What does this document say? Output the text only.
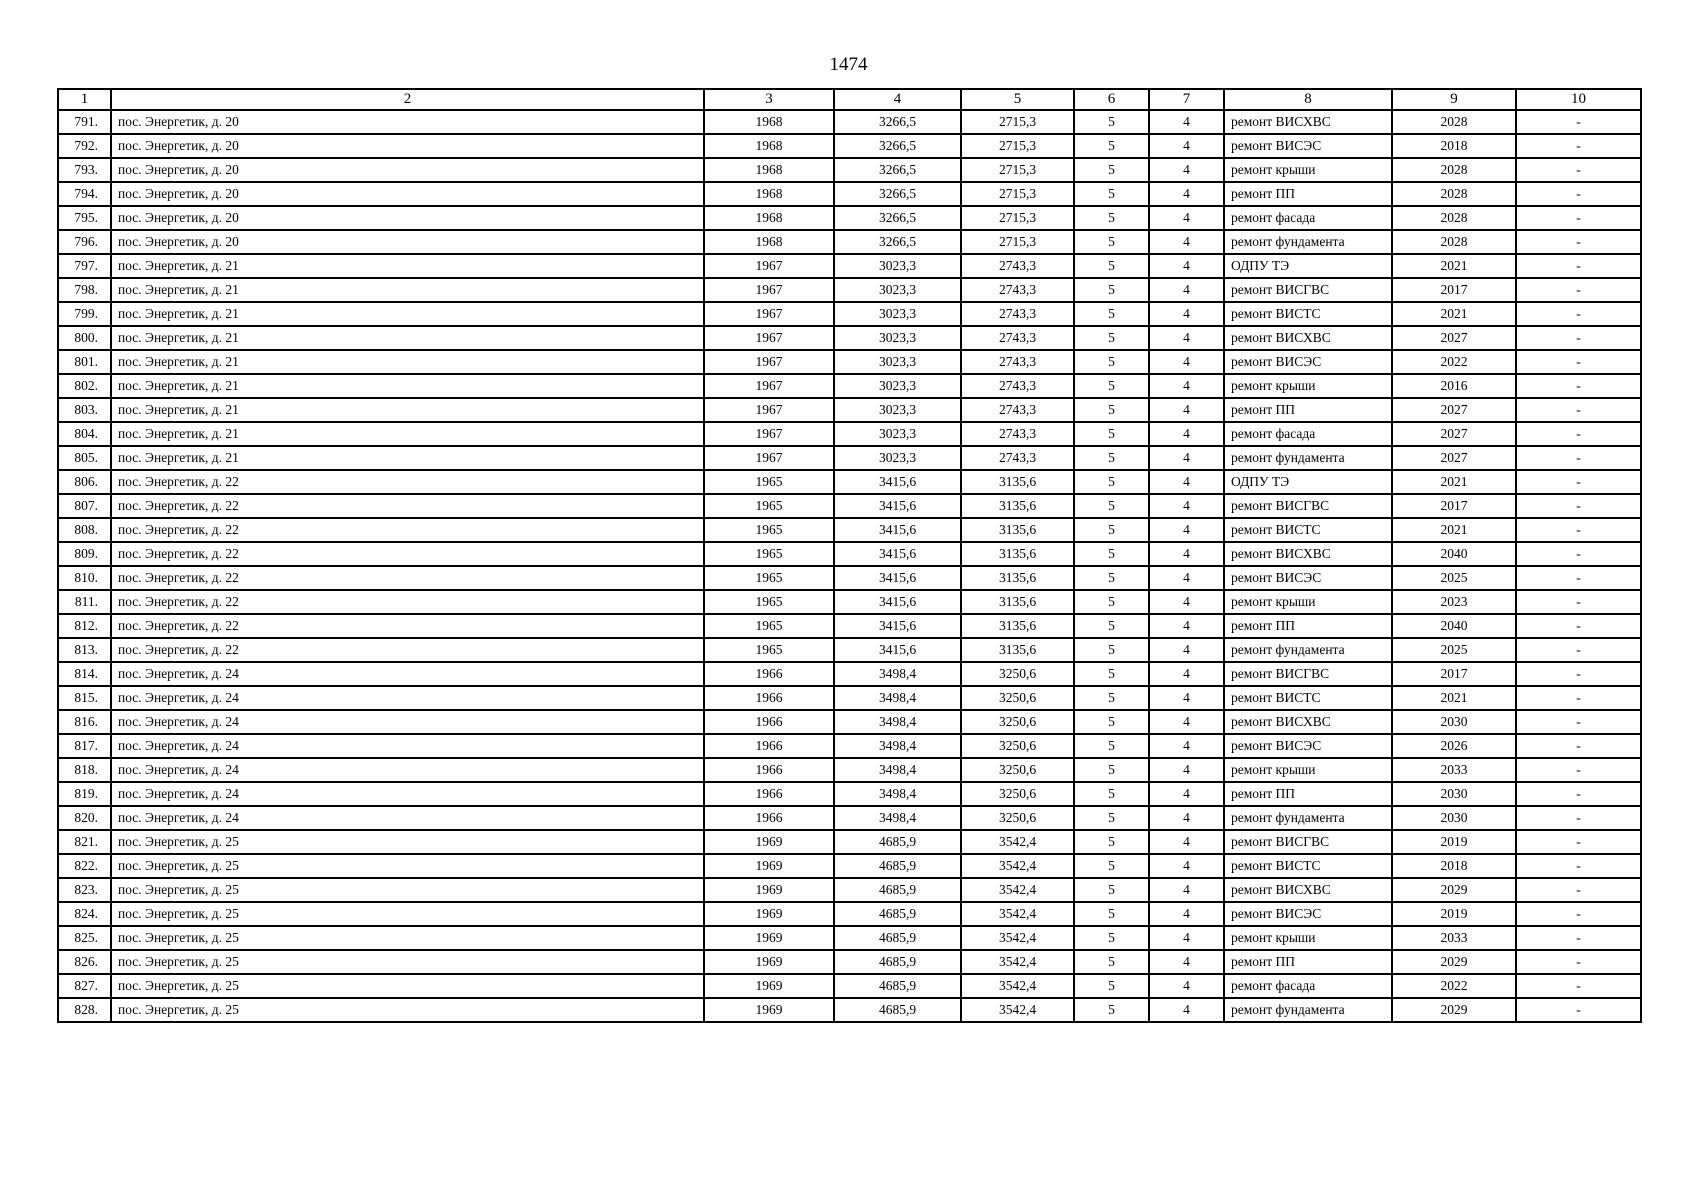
1474
1	2	3	4	5	6	7	8	9	10
791.	пос. Энергетик, д. 20	1968	3266,5	2715,3	5	4	ремонт ВИСХВС	2028	-
792.	пос. Энергетик, д. 20	1968	3266,5	2715,3	5	4	ремонт ВИСЭС	2018	-
793.	пос. Энергетик, д. 20	1968	3266,5	2715,3	5	4	ремонт крыши	2028	-
794.	пос. Энергетик, д. 20	1968	3266,5	2715,3	5	4	ремонт ПП	2028	-
795.	пос. Энергетик, д. 20	1968	3266,5	2715,3	5	4	ремонт фасада	2028	-
796.	пос. Энергетик, д. 20	1968	3266,5	2715,3	5	4	ремонт фундамента	2028	-
797.	пос. Энергетик, д. 21	1967	3023,3	2743,3	5	4	ОДПУ ТЭ	2021	-
798.	пос. Энергетик, д. 21	1967	3023,3	2743,3	5	4	ремонт ВИСГВС	2017	-
799.	пос. Энергетик, д. 21	1967	3023,3	2743,3	5	4	ремонт ВИСТС	2021	-
800.	пос. Энергетик, д. 21	1967	3023,3	2743,3	5	4	ремонт ВИСХВС	2027	-
801.	пос. Энергетик, д. 21	1967	3023,3	2743,3	5	4	ремонт ВИСЭС	2022	-
802.	пос. Энергетик, д. 21	1967	3023,3	2743,3	5	4	ремонт крыши	2016	-
803.	пос. Энергетик, д. 21	1967	3023,3	2743,3	5	4	ремонт ПП	2027	-
804.	пос. Энергетик, д. 21	1967	3023,3	2743,3	5	4	ремонт фасада	2027	-
805.	пос. Энергетик, д. 21	1967	3023,3	2743,3	5	4	ремонт фундамента	2027	-
806.	пос. Энергетик, д. 22	1965	3415,6	3135,6	5	4	ОДПУ ТЭ	2021	-
807.	пос. Энергетик, д. 22	1965	3415,6	3135,6	5	4	ремонт ВИСГВС	2017	-
808.	пос. Энергетик, д. 22	1965	3415,6	3135,6	5	4	ремонт ВИСТС	2021	-
809.	пос. Энергетик, д. 22	1965	3415,6	3135,6	5	4	ремонт ВИСХВС	2040	-
810.	пос. Энергетик, д. 22	1965	3415,6	3135,6	5	4	ремонт ВИСЭС	2025	-
811.	пос. Энергетик, д. 22	1965	3415,6	3135,6	5	4	ремонт крыши	2023	-
812.	пос. Энергетик, д. 22	1965	3415,6	3135,6	5	4	ремонт ПП	2040	-
813.	пос. Энергетик, д. 22	1965	3415,6	3135,6	5	4	ремонт фундамента	2025	-
814.	пос. Энергетик, д. 24	1966	3498,4	3250,6	5	4	ремонт ВИСГВС	2017	-
815.	пос. Энергетик, д. 24	1966	3498,4	3250,6	5	4	ремонт ВИСТС	2021	-
816.	пос. Энергетик, д. 24	1966	3498,4	3250,6	5	4	ремонт ВИСХВС	2030	-
817.	пос. Энергетик, д. 24	1966	3498,4	3250,6	5	4	ремонт ВИСЭС	2026	-
818.	пос. Энергетик, д. 24	1966	3498,4	3250,6	5	4	ремонт крыши	2033	-
819.	пос. Энергетик, д. 24	1966	3498,4	3250,6	5	4	ремонт ПП	2030	-
820.	пос. Энергетик, д. 24	1966	3498,4	3250,6	5	4	ремонт фундамента	2030	-
821.	пос. Энергетик, д. 25	1969	4685,9	3542,4	5	4	ремонт ВИСГВС	2019	-
822.	пос. Энергетик, д. 25	1969	4685,9	3542,4	5	4	ремонт ВИСТС	2018	-
823.	пос. Энергетик, д. 25	1969	4685,9	3542,4	5	4	ремонт ВИСХВС	2029	-
824.	пос. Энергетик, д. 25	1969	4685,9	3542,4	5	4	ремонт ВИСЭС	2019	-
825.	пос. Энергетик, д. 25	1969	4685,9	3542,4	5	4	ремонт крыши	2033	-
826.	пос. Энергетик, д. 25	1969	4685,9	3542,4	5	4	ремонт ПП	2029	-
827.	пос. Энергетик, д. 25	1969	4685,9	3542,4	5	4	ремонт фасада	2022	-
828.	пос. Энергетик, д. 25	1969	4685,9	3542,4	5	4	ремонт фундамента	2029	-
